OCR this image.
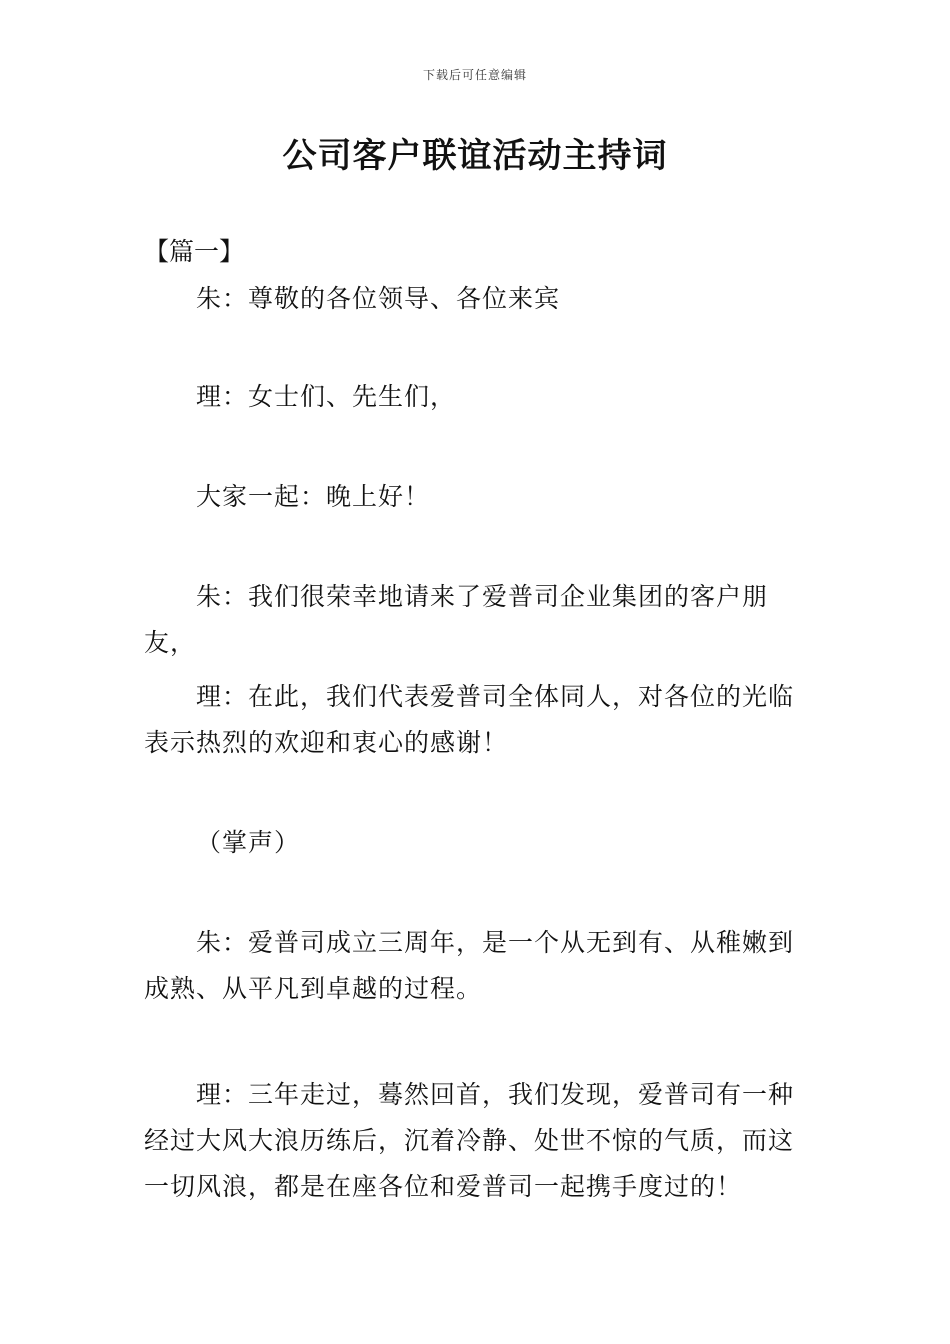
下载后可任意编辑
公司客户联谊活动主持词
【篇一】

朱：尊敬的各位领导、各位来宾

理：女士们、先生们，

大家一起：晚上好！

朱：我们很荣幸地请来了爱普司企业集团的客户朋友，

理：在此，我们代表爱普司全体同人，对各位的光临表示热烈的欢迎和衷心的感谢！

（掌声）

朱：爱普司成立三周年，是一个从无到有、从稚嫩到成熟、从平凡到卓越的过程。

理：三年走过，蓦然回首，我们发现，爱普司有一种经过大风大浪历练后，沉着冷静、处世不惊的气质，而这一切风浪，都是在座各位和爱普司一起携手度过的！
